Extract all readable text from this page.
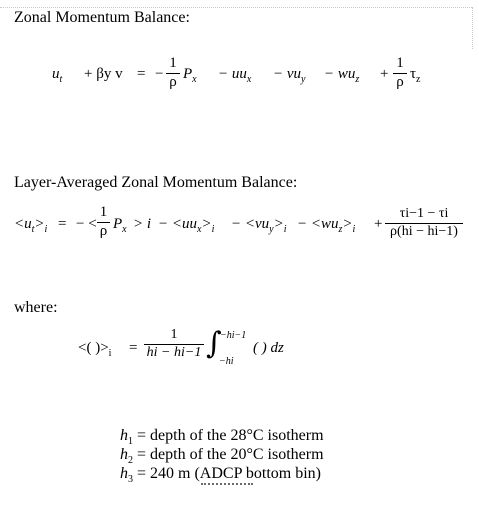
Zonal Momentum Balance:
$u_t + \beta y$ v = −
1
ρ $P_x - uu_x - vu_y - wu_z$ +
1
ρ $\tau_z$
Layer-Averaged Zonal Momentum Balance:
$<u_t>_i$ = − <
1
ρ $P_x > i - <uu_x>_i - <vu_y>_i - <wu_z>_i$ +
τi−1 − τi
ρ(hi − hi−1)
where:
<( )$>_i$ =
1
hi − hi−1 ∫
−hi−1
−hi
( ) dz
$h_1$ = depth of the 28°C isotherm
$h_2$ = depth of the 20°C isotherm
$h_3 = 240$ m (ADCP bottom bin)
